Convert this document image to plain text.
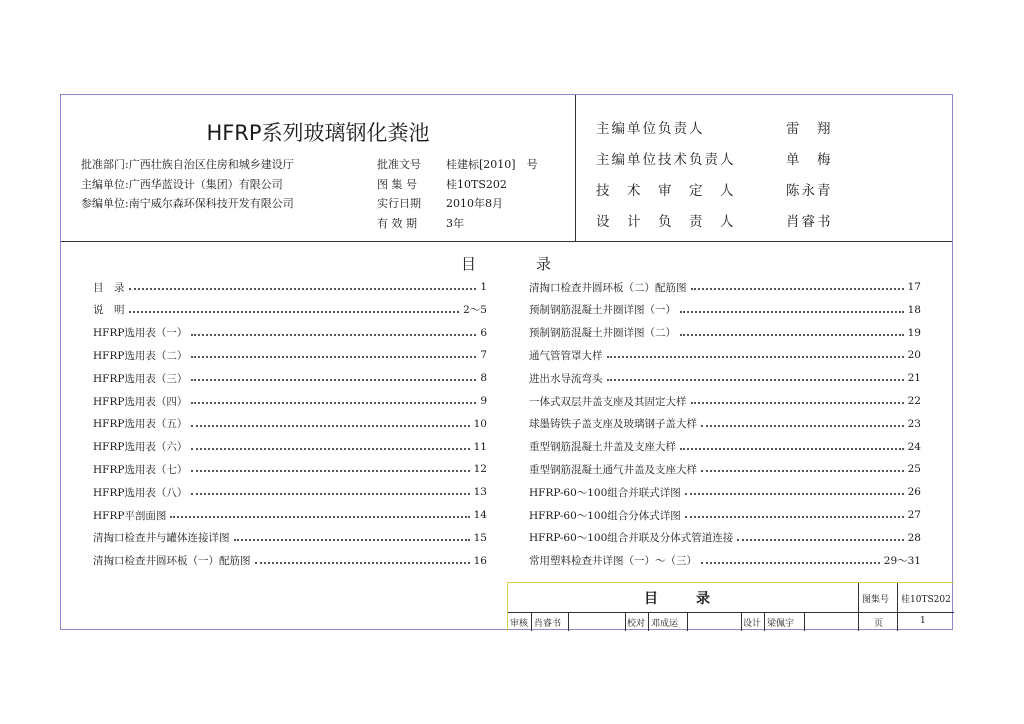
HFRP系列玻璃钢化粪池
批准部门:广西壮族自治区住房和城乡建设厅
主编单位:广西华蓝设计（集团）有限公司
参编单位:南宁威尔森环保科技开发有限公司
批准文号 桂建标[2010]　号
图 集 号	桂10TS202
实行日期 2010年8月
有 效 期	3年
主编单位负责人	雷　翔
主编单位技术负责人	单　梅
技　术　审　定　人	陈永青
设　计　负　责　人	肖睿书
目	录
目　录	1
说　明	2～5
HFRP选用表（一）	6
HFRP选用表（二）	7
HFRP选用表（三）	8
HFRP选用表（四）	9
HFRP选用表（五）	10
HFRP选用表（六）	11
HFRP选用表（七）	12
HFRP选用表（八）	13
HFRP平剖面图	14
清掏口检查井与罐体连接详图	15
清掏口检查井圆环板（一）配筋图	16
清掏口检查井圆环板（二）配筋图	17
预制钢筋混凝土井圈详图（一）	18
预制钢筋混凝土井圈详图（二）	19
通气管管罩大样	20
进出水导流弯头	21
一体式双层井盖支座及其固定大样	22
球墨铸铁子盖支座及玻璃钢子盖大样	23
重型钢筋混凝土井盖及支座大样	24
重型钢筋混凝土通气井盖及支座大样	25
HFRP-60～100组合并联式详图	26
HFRP-60～100组合分体式详图	27
HFRP-60～100组合并联及分体式管道连接	28
常用塑料检查井详图（一）～（三）	29～31
目　录	图集号 桂10TS202
审核 肖睿书	校对 邓成运	设计 梁佩宇	页	1
